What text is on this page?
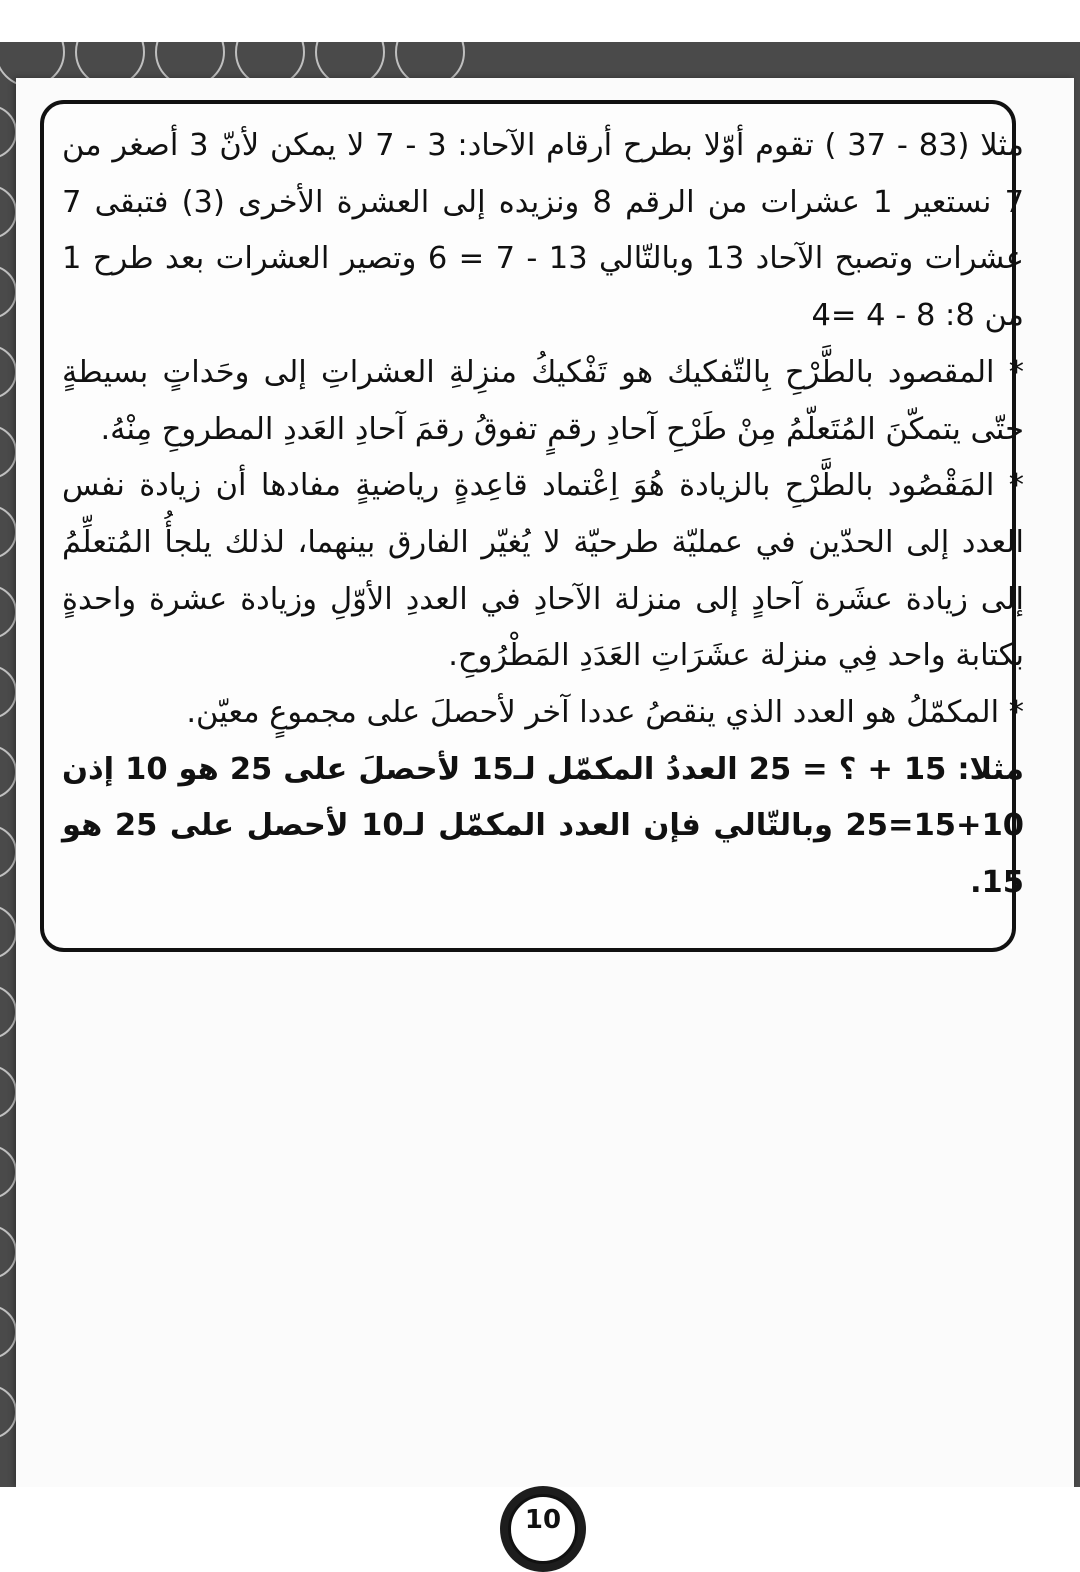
مثلا (83 - 37 ) تقوم أوّلا بطرح أرقام الآحاد: 3 - 7 لا يمكن لأنّ 3 أصغر من 7 نستعير 1 عشرات من الرقم 8 ونزيده إلى العشرة الأخرى (3) فتبقى 7 عشرات وتصبح الآحاد 13 وبالتّالي 13 - 7 = 6 وتصير العشرات بعد طرح 1 من 8: 8 - 4 =4

* المقصود بالطَّرْحِ بِالتّفكيك هو تَفْكيكُ منزِلةِ العشراتِ إلى وحَداتٍ بسيطةٍ حتّى يتمكّنَ المُتَعلّمُ مِنْ طَرْحِ آحادِ رقمٍ تفوقُ رقمَ آحادِ العَددِ المطروحِ مِنْهُ.

* المَقْصُود بالطَّرْحِ بالزيادة هُوَ اِعْتماد قاعِدةٍ رياضيةٍ مفادها أن زيادة نفس العدد إلى الحدّين في عمليّة طرحيّة لا يُغيّر الفارق بينهما، لذلك يلجأُ المُتعلِّمُ إلى زيادة عشَرة آحادٍ إلى منزلة الآحادِ في العددِ الأوّلِ وزيادة عشرة واحدةٍ بكتابة واحد فِي منزلة عشَرَاتِ العَدَدِ المَطْرُوحِ.

* المكمّلُ هو العدد الذي ينقصُ عددا آخر لأحصلَ على مجموعٍ معيّن.

مثلا: 15 + ؟ = 25 العددُ المكمّل لـ15 لأحصلَ على 25 هو 10 إذن 10+15=25 وبالتّالي فإن العدد المكمّل لـ10 لأحصل على 25 هو 15.

10
